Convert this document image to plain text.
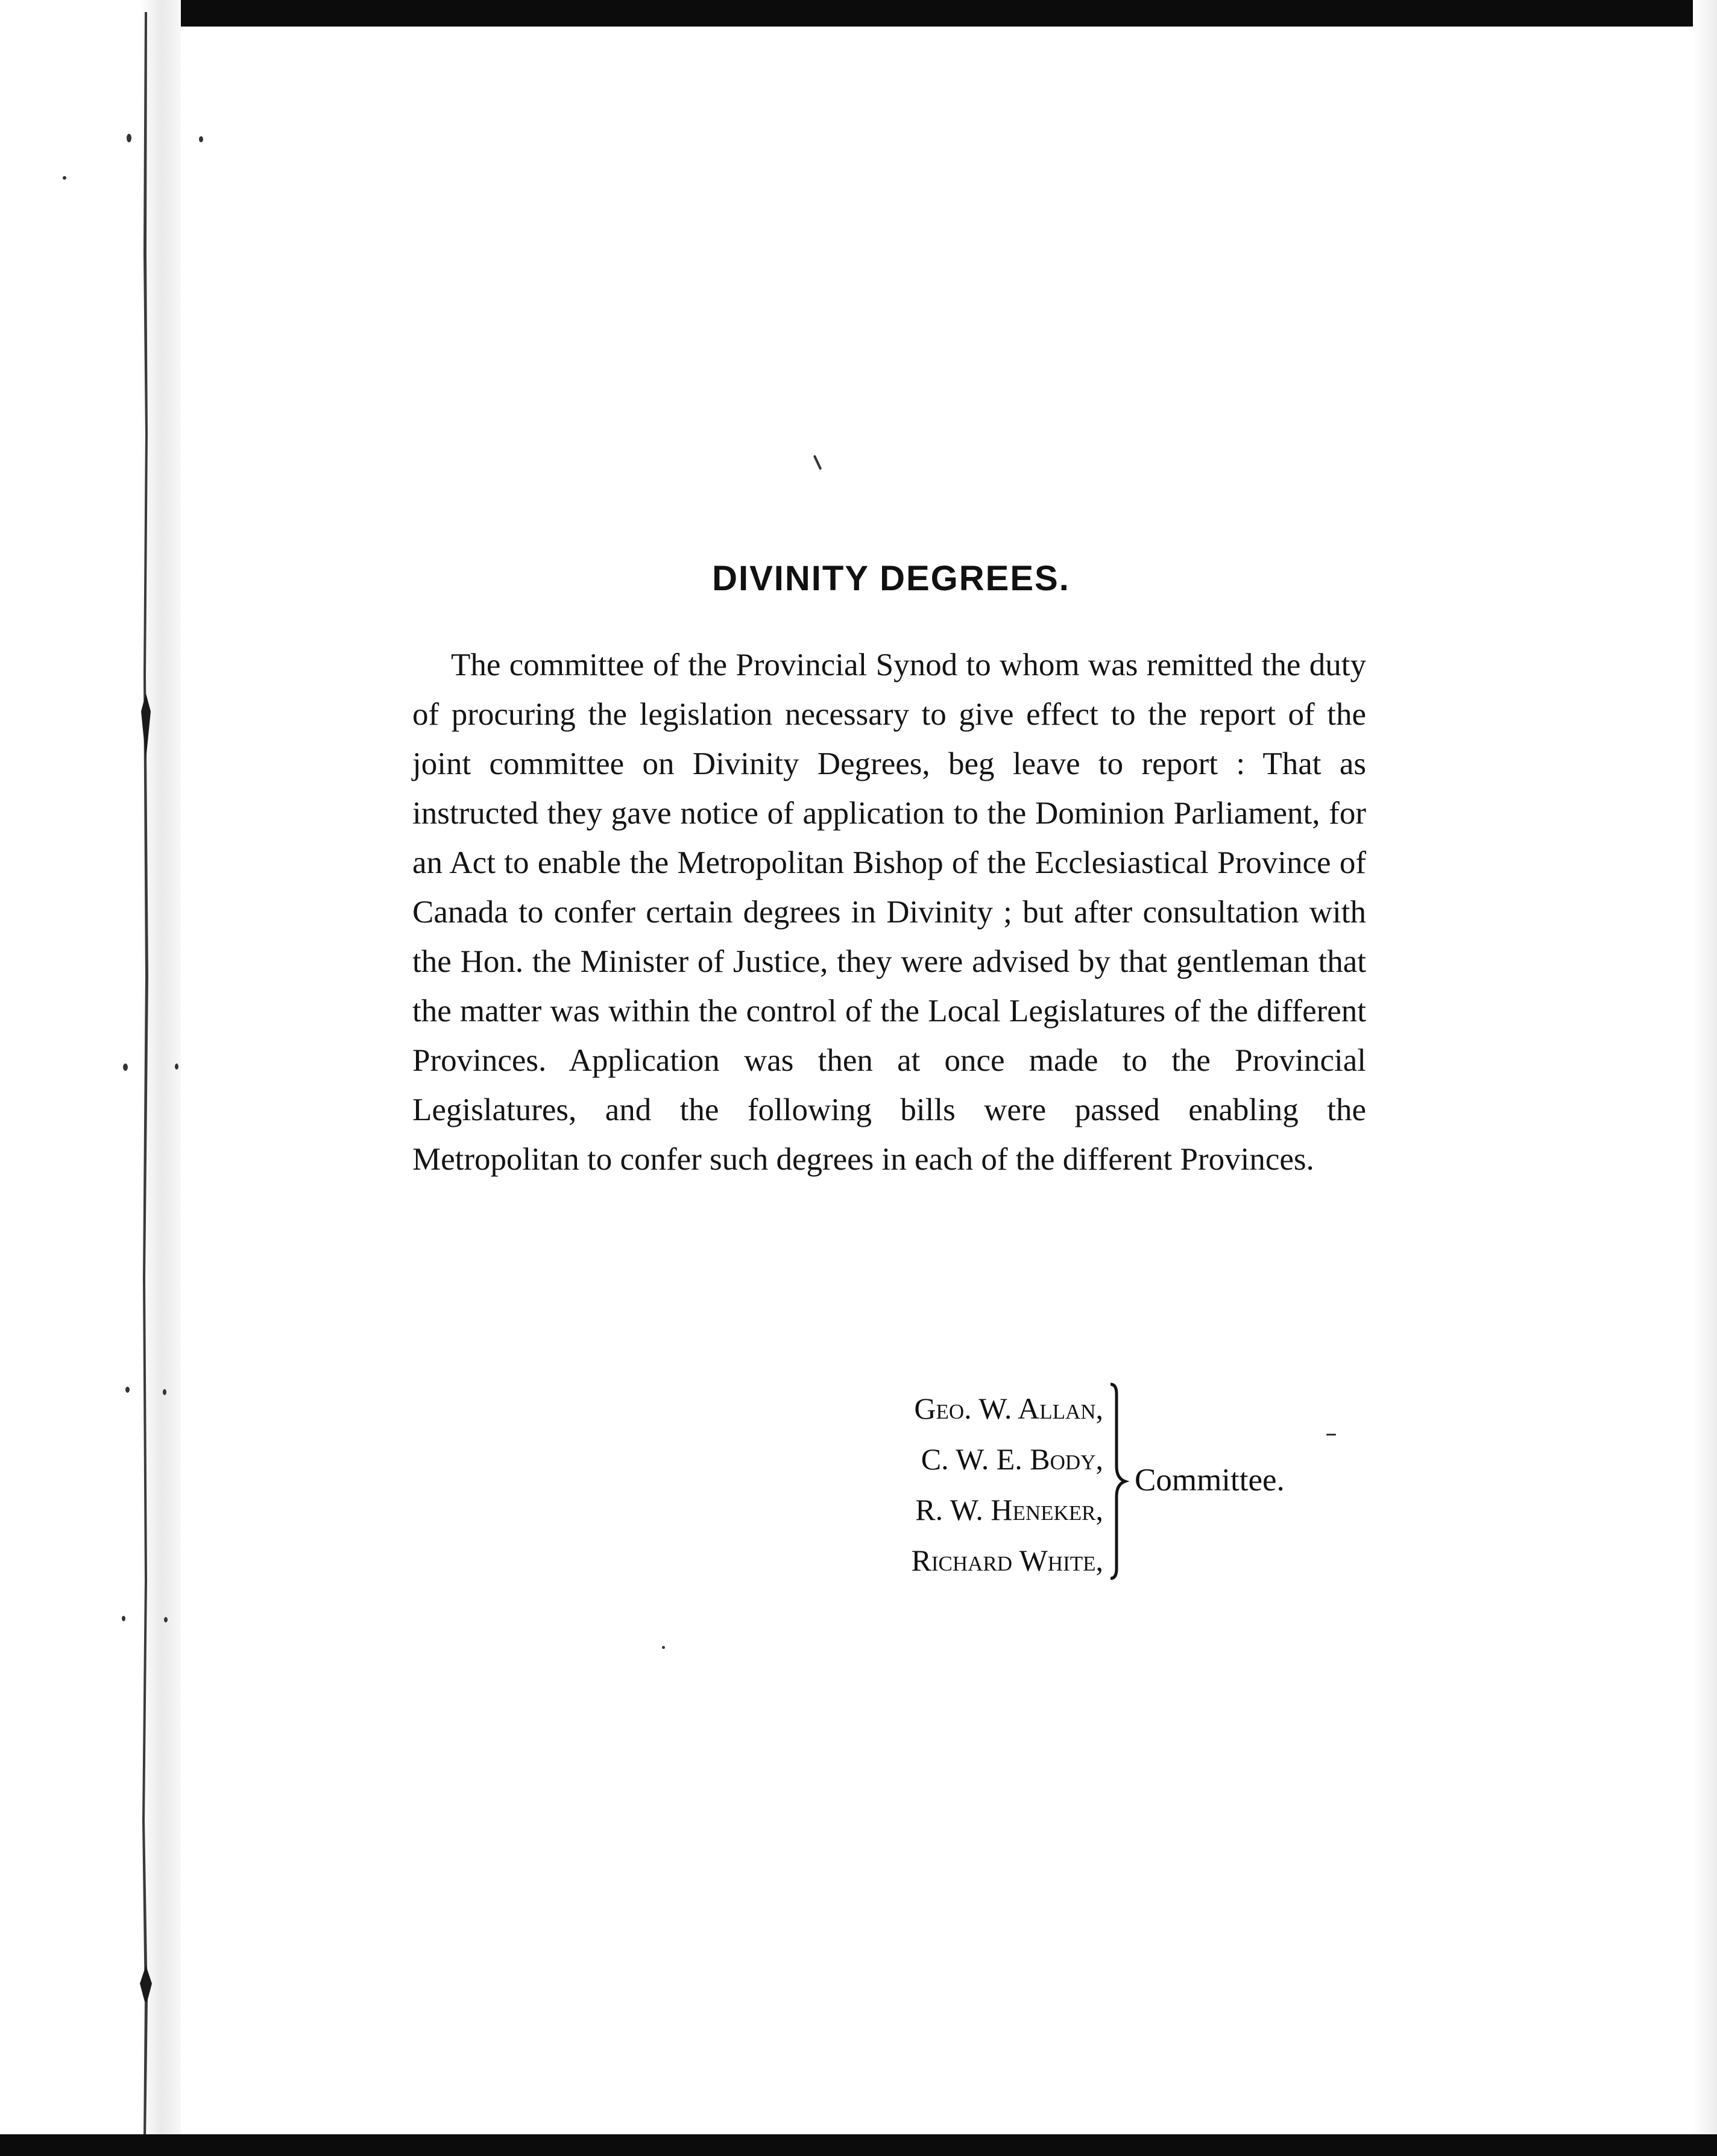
DIVINITY DEGREES.

The committee of the Provincial Synod to whom was remitted the duty of procuring the legislation necessary to give effect to the report of the joint committee on Divinity Degrees, beg leave to report : That as instructed they gave notice of application to the Dominion Parliament, for an Act to enable the Metropolitan Bishop of the Ecclesiastical Province of Canada to confer certain degrees in Divinity ; but after consultation with the Hon. the Minister of Justice, they were advised by that gentleman that the matter was within the control of the Local Legislatures of the different Provinces. Application was then at once made to the Provincial Legislatures, and the following bills were passed enabling the Metropolitan to confer such degrees in each of the different Provinces.

Geo. W. Allan,
C. W. E. Body,
R. W. Heneker,
Richard White,
Committee.
